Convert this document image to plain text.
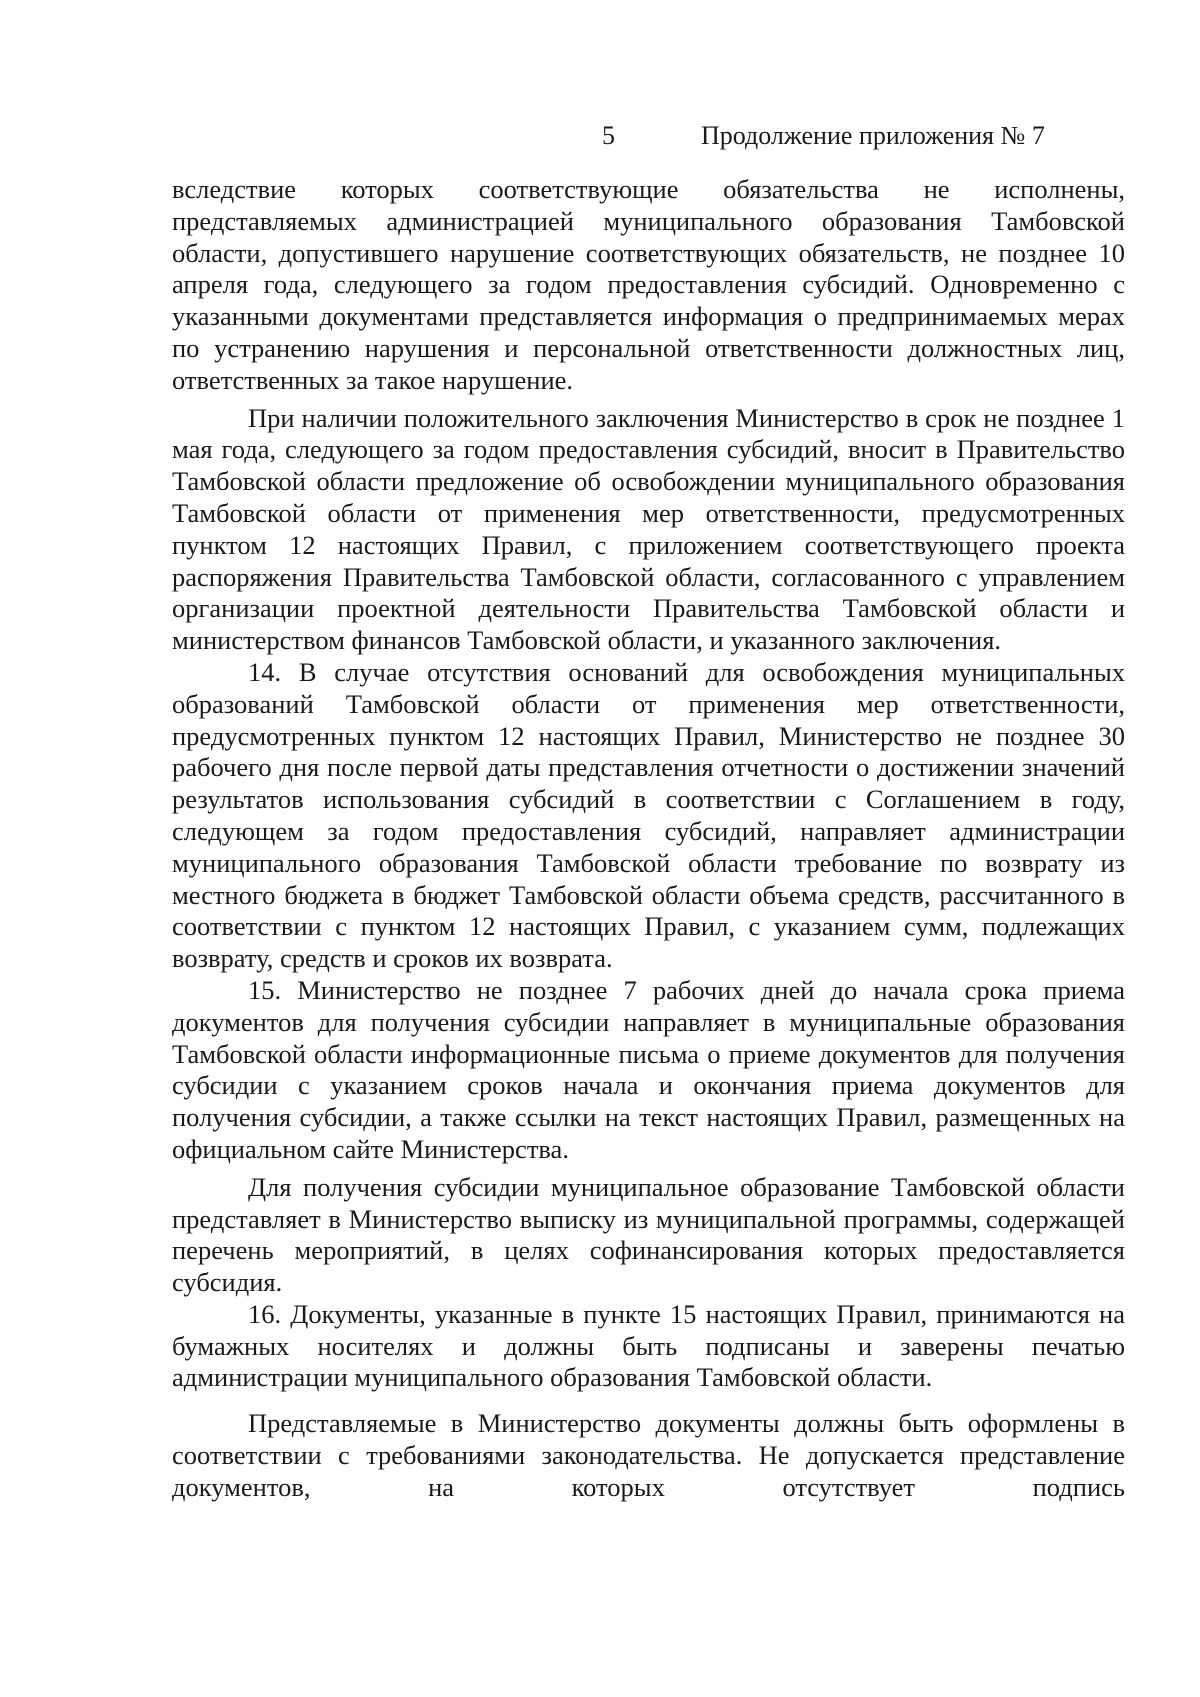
5	Продолжение приложения № 7

вследствие которых соответствующие обязательства не исполнены, представляемых администрацией муниципального образования Тамбовской области, допустившего нарушение соответствующих обязательств, не позднее 10 апреля года, следующего за годом предоставления субсидий. Одновременно с указанными документами представляется информация о предпринимаемых мерах по устранению нарушения и персональной ответственности должностных лиц, ответственных за такое нарушение.

При наличии положительного заключения Министерство в срок не позднее 1 мая года, следующего за годом предоставления субсидий, вносит в Правительство Тамбовской области предложение об освобождении муниципального образования Тамбовской области от применения мер ответственности, предусмотренных пунктом 12 настоящих Правил, с приложением соответствующего проекта распоряжения Правительства Тамбовской области, согласованного с управлением организации проектной деятельности Правительства Тамбовской области и министерством финансов Тамбовской области, и указанного заключения.

14. В случае отсутствия оснований для освобождения муниципальных образований Тамбовской области от применения мер ответственности, предусмотренных пунктом 12 настоящих Правил, Министерство не позднее 30 рабочего дня после первой даты представления отчетности о достижении значений результатов использования субсидий в соответствии с Соглашением в году, следующем за годом предоставления субсидий, направляет администрации муниципального образования Тамбовской области требование по возврату из местного бюджета в бюджет Тамбовской области объема средств, рассчитанного в соответствии с пунктом 12 настоящих Правил, с указанием сумм, подлежащих возврату, средств и сроков их возврата.

15. Министерство не позднее 7 рабочих дней до начала срока приема документов для получения субсидии направляет в муниципальные образования Тамбовской области информационные письма о приеме документов для получения субсидии с указанием сроков начала и окончания приема документов для получения субсидии, а также ссылки на текст настоящих Правил, размещенных на официальном сайте Министерства.

Для получения субсидии муниципальное образование Тамбовской области представляет в Министерство выписку из муниципальной программы, содержащей перечень мероприятий, в целях софинансирования которых предоставляется субсидия.

16. Документы, указанные в пункте 15 настоящих Правил, принимаются на бумажных носителях и должны быть подписаны и заверены печатью администрации муниципального образования Тамбовской области.

Представляемые в Министерство документы должны быть оформлены в соответствии с требованиями законодательства. Не допускается представление документов, на которых отсутствует подпись
